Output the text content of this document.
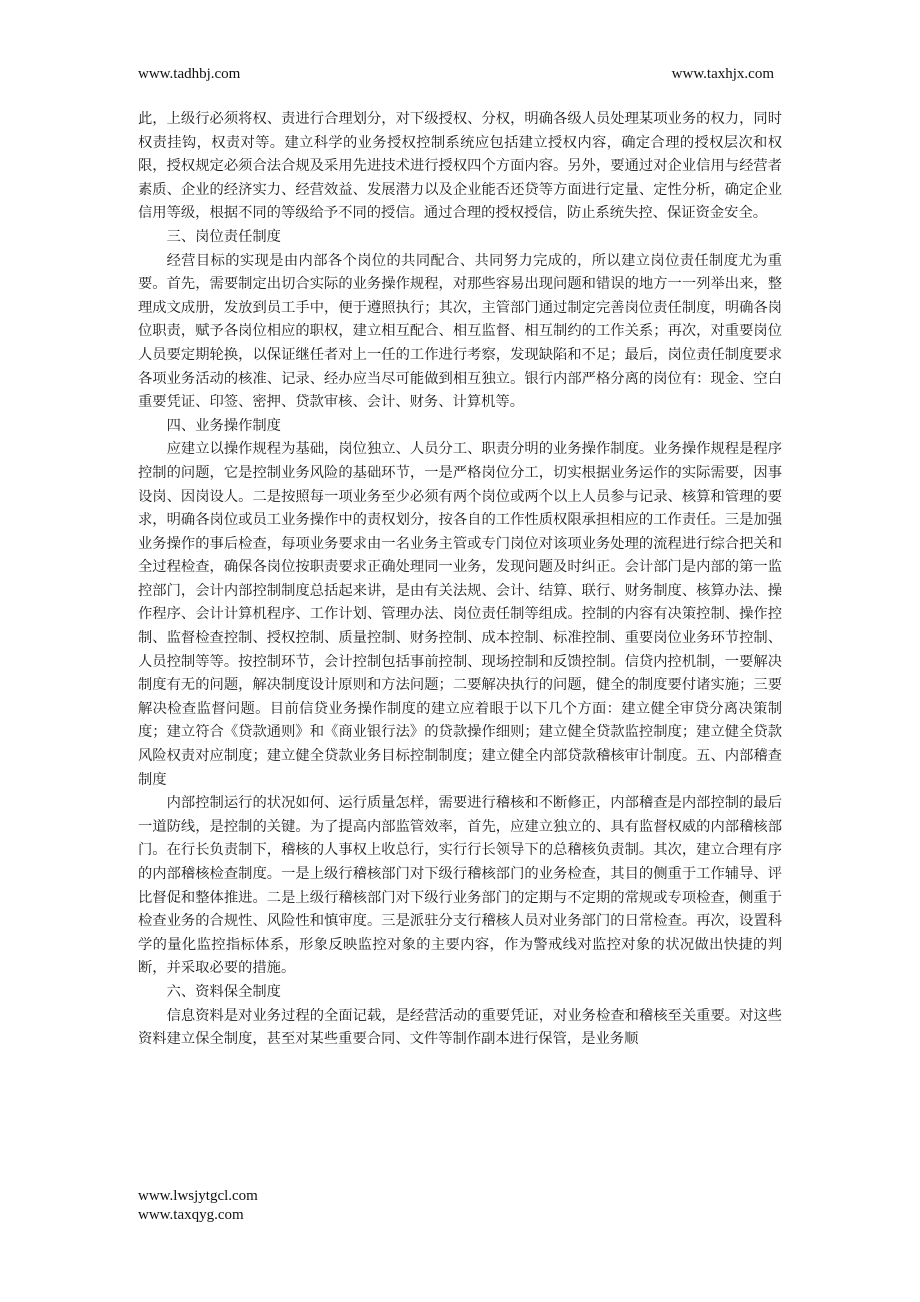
www.tadhbj.com	www.taxhjx.com

此，上级行必须将权、责进行合理划分，对下级授权、分权，明确各级人员处理某项业务的权力，同时权责挂钩，权责对等。建立科学的业务授权控制系统应包括建立授权内容，确定合理的授权层次和权限，授权规定必须合法合规及采用先进技术进行授权四个方面内容。另外，要通过对企业信用与经营者素质、企业的经济实力、经营效益、发展潜力以及企业能否还贷等方面进行定量、定性分析，确定企业信用等级，根据不同的等级给予不同的授信。通过合理的授权授信，防止系统失控、保证资金安全。

三、岗位责任制度

经营目标的实现是由内部各个岗位的共同配合、共同努力完成的，所以建立岗位责任制度尤为重要。首先，需要制定出切合实际的业务操作规程，对那些容易出现问题和错误的地方一一列举出来，整理成文成册，发放到员工手中，便于遵照执行；其次，主管部门通过制定完善岗位责任制度，明确各岗位职责，赋予各岗位相应的职权，建立相互配合、相互监督、相互制约的工作关系；再次，对重要岗位人员要定期轮换，以保证继任者对上一任的工作进行考察，发现缺陷和不足；最后，岗位责任制度要求各项业务活动的核准、记录、经办应当尽可能做到相互独立。银行内部严格分离的岗位有：现金、空白重要凭证、印签、密押、贷款审核、会计、财务、计算机等。

四、业务操作制度

应建立以操作规程为基础，岗位独立、人员分工、职责分明的业务操作制度。业务操作规程是程序控制的问题，它是控制业务风险的基础环节，一是严格岗位分工，切实根据业务运作的实际需要，因事设岗、因岗设人。二是按照每一项业务至少必须有两个岗位或两个以上人员参与记录、核算和管理的要求，明确各岗位或员工业务操作中的责权划分，按各自的工作性质权限承担相应的工作责任。三是加强业务操作的事后检查，每项业务要求由一名业务主管或专门岗位对该项业务处理的流程进行综合把关和全过程检查，确保各岗位按职责要求正确处理同一业务，发现问题及时纠正。会计部门是内部的第一监控部门，会计内部控制制度总括起来讲，是由有关法规、会计、结算、联行、财务制度、核算办法、操作程序、会计计算机程序、工作计划、管理办法、岗位责任制等组成。控制的内容有决策控制、操作控制、监督检查控制、授权控制、质量控制、财务控制、成本控制、标准控制、重要岗位业务环节控制、人员控制等等。按控制环节，会计控制包括事前控制、现场控制和反馈控制。信贷内控机制，一要解决制度有无的问题，解决制度设计原则和方法问题；二要解决执行的问题，健全的制度要付诸实施；三要解决检查监督问题。目前信贷业务操作制度的建立应着眼于以下几个方面：建立健全审贷分离决策制度；建立符合《贷款通则》和《商业银行法》的贷款操作细则；建立健全贷款监控制度；建立健全贷款风险权责对应制度；建立健全贷款业务目标控制制度；建立健全内部贷款稽核审计制度。五、内部稽查制度

内部控制运行的状况如何、运行质量怎样，需要进行稽核和不断修正，内部稽查是内部控制的最后一道防线，是控制的关键。为了提高内部监管效率，首先，应建立独立的、具有监督权威的内部稽核部门。在行长负责制下，稽核的人事权上收总行，实行行长领导下的总稽核负责制。其次，建立合理有序的内部稽核检查制度。一是上级行稽核部门对下级行稽核部门的业务检查，其目的侧重于工作辅导、评比督促和整体推进。二是上级行稽核部门对下级行业务部门的定期与不定期的常规或专项检查，侧重于检查业务的合规性、风险性和慎审度。三是派驻分支行稽核人员对业务部门的日常检查。再次，设置科学的量化监控指标体系，形象反映监控对象的主要内容，作为警戒线对监控对象的状况做出快捷的判断，并采取必要的措施。

六、资料保全制度

信息资料是对业务过程的全面记载，是经营活动的重要凭证，对业务检查和稽核至关重要。对这些资料建立保全制度，甚至对某些重要合同、文件等制作副本进行保管，是业务顺

www.lwsjytgcl.com
www.taxqyg.com
